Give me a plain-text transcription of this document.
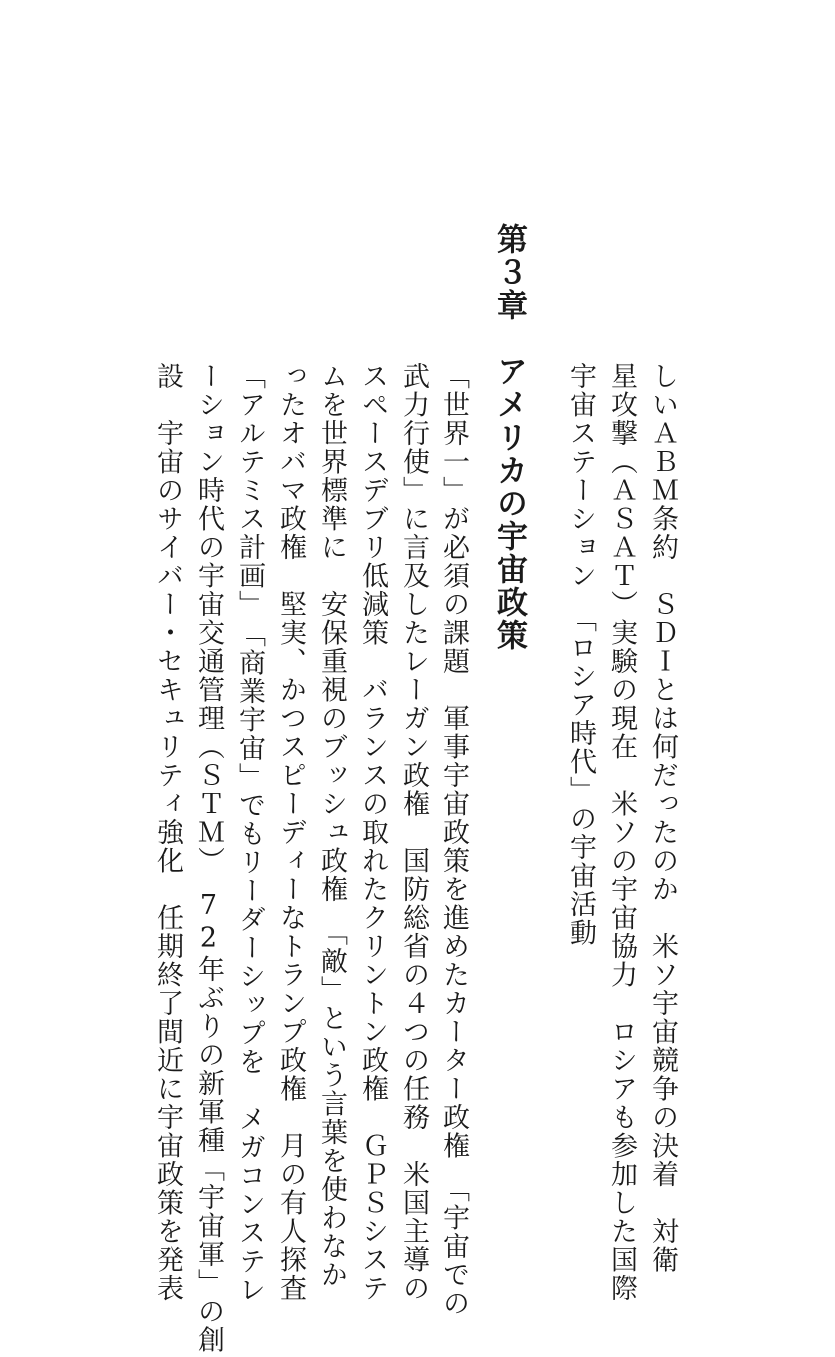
しいＡＢＭ条約　ＳＤＩとは何だったのか　米ソ宇宙競争の決着　対衛
星攻撃（ＡＳＡＴ）実験の現在　米ソの宇宙協力　ロシアも参加した国際
宇宙ステーション　「ロシア時代」の宇宙活動
第３章　アメリカの宇宙政策
「世界一」が必須の課題　軍事宇宙政策を進めたカーター政権　「宇宙での
武力行使」に言及したレーガン政権　国防総省の４つの任務　米国主導の
スペースデブリ低減策　バランスの取れたクリントン政権　ＧＰＳシステ
ムを世界標準に　安保重視のブッシュ政権　「敵」という言葉を使わなか
ったオバマ政権　堅実、かつスピーディーなトランプ政権　月の有人探査
「アルテミス計画」　「商業宇宙」でもリーダーシップを　メガコンステレ
ーション時代の宇宙交通管理（ＳＴＭ）　72年ぶりの新軍種「宇宙軍」の創
設　宇宙のサイバー・セキュリティ強化　任期終了間近に宇宙政策を発表
